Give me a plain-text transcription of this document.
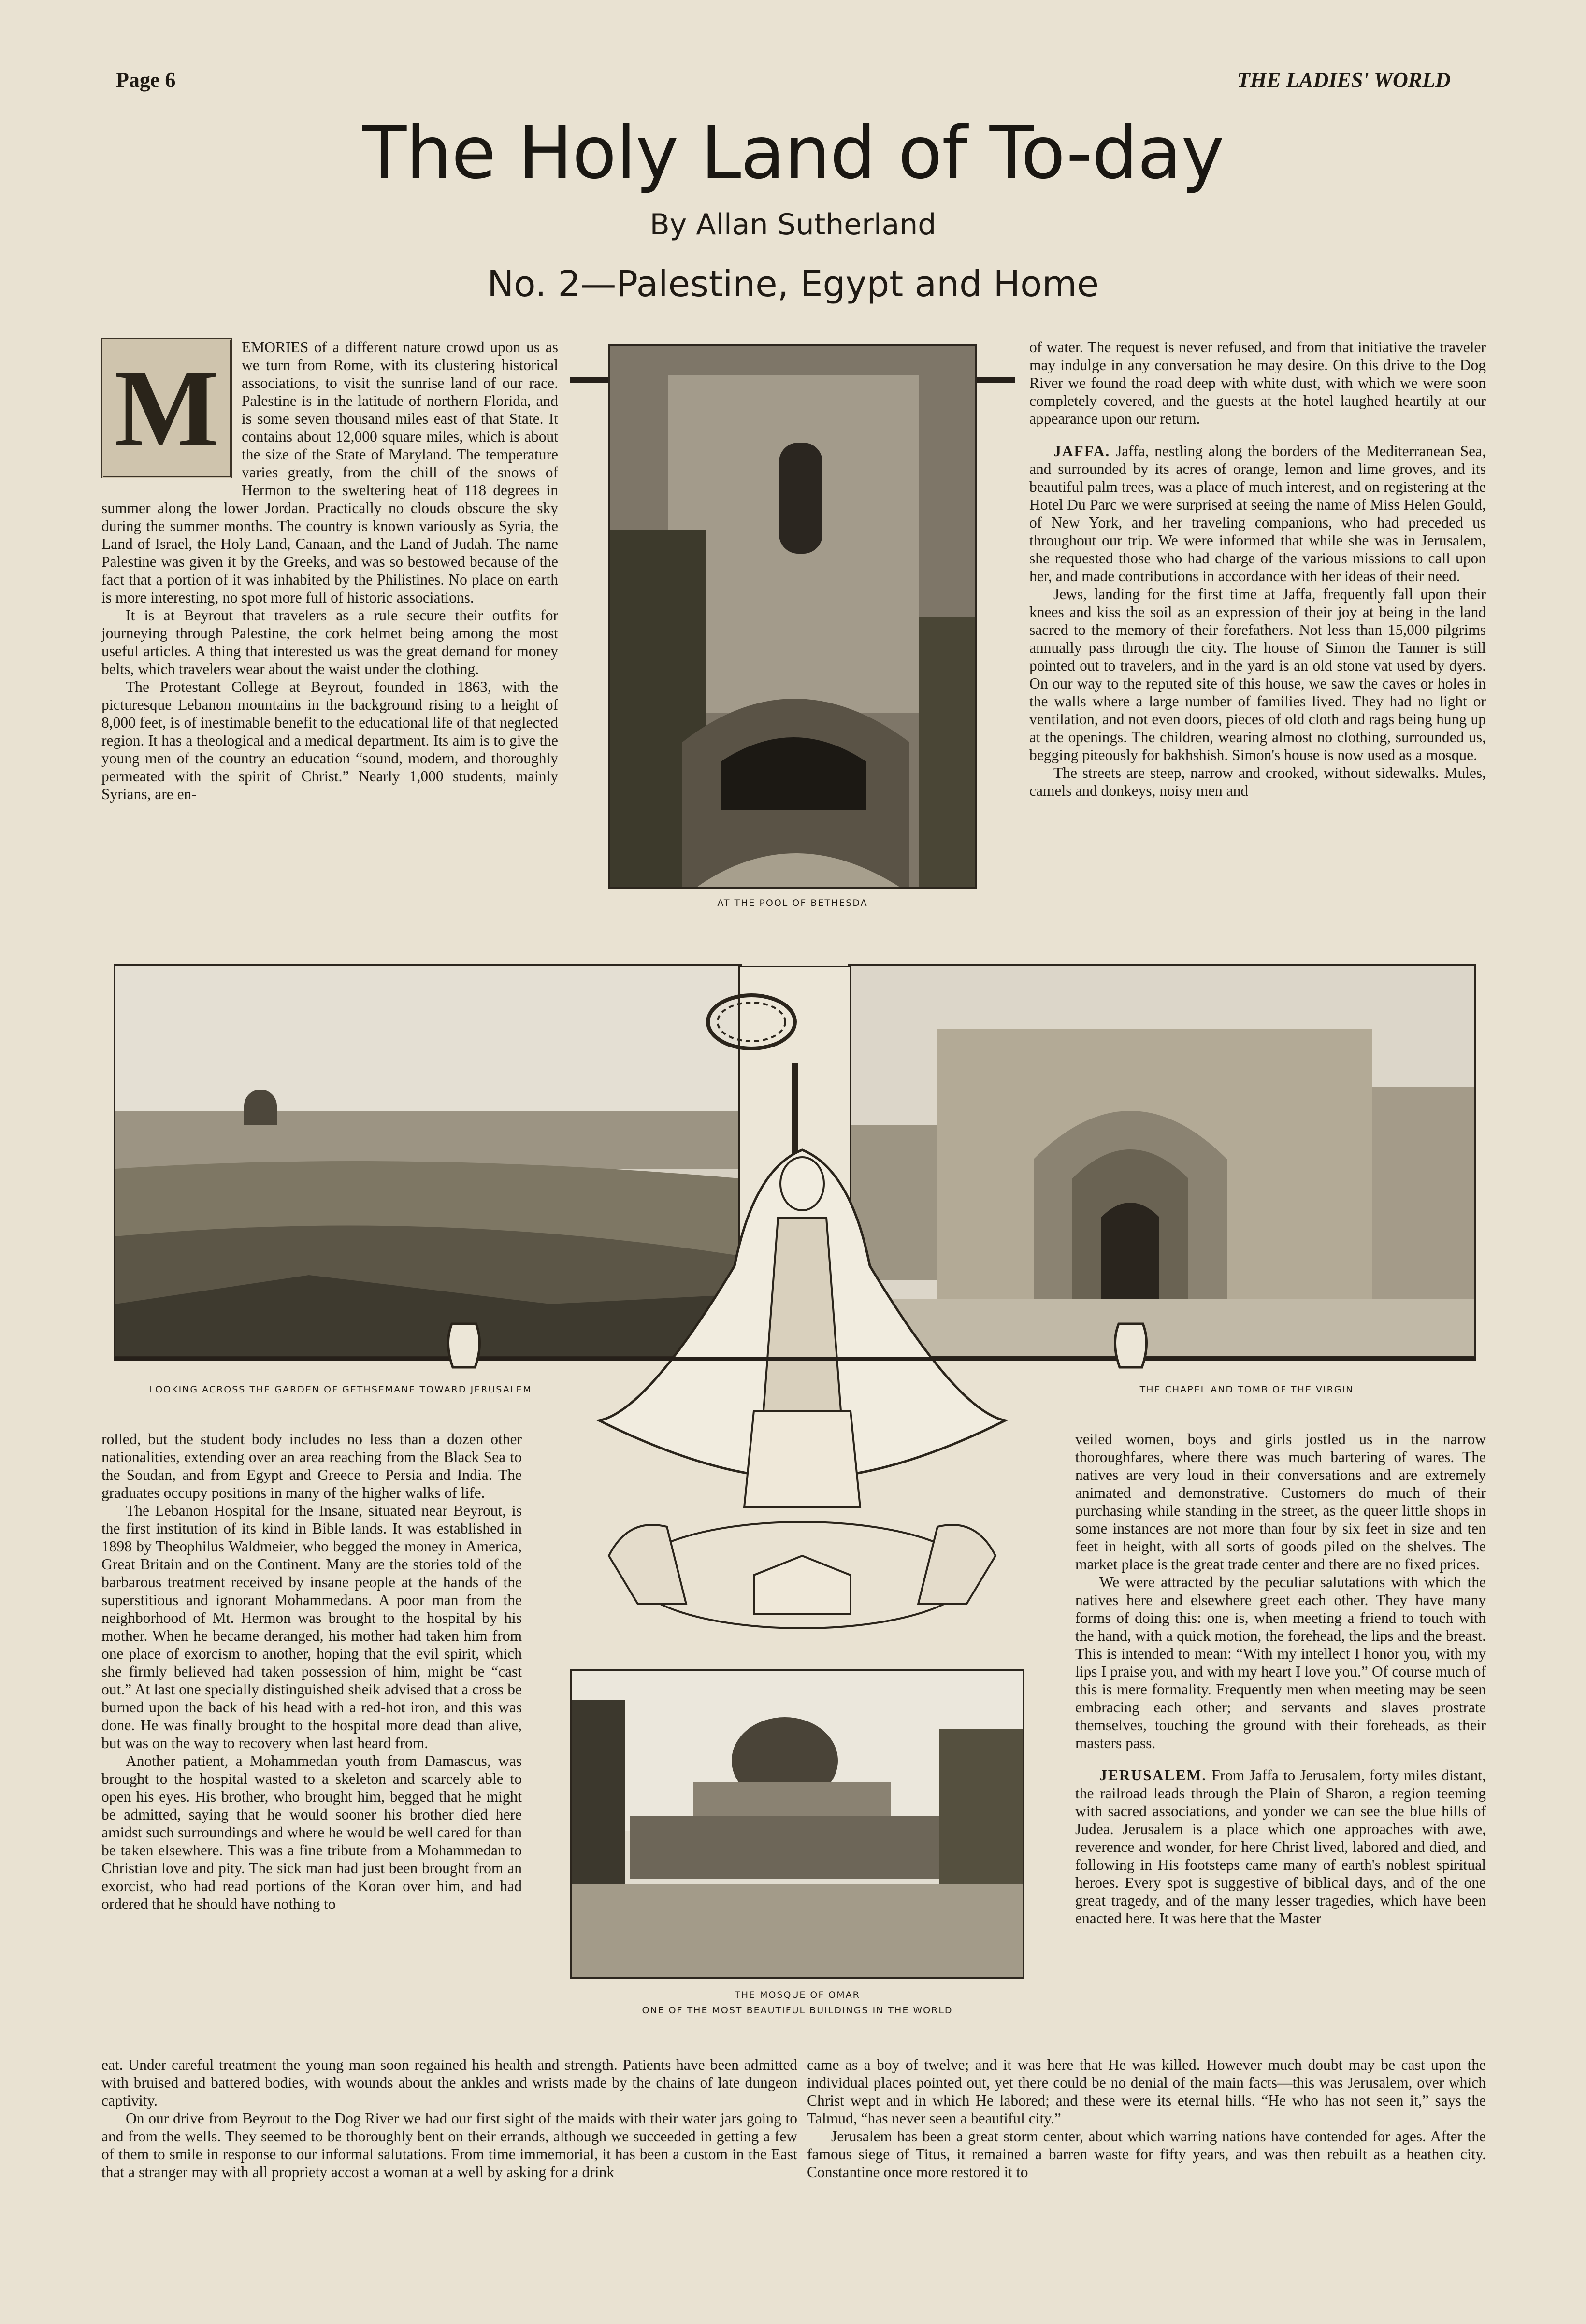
Page 6	THE LADIES' WORLD
The Holy Land of To-day
By Allan Sutherland
No. 2—Palestine, Egypt and Home
M	EMORIES of a different nature crowd upon us as we turn from Rome, with its clustering historical associations, to visit the sunrise land of our race. Palestine is in the latitude of northern Florida, and is some seven thousand miles east of that State. It contains about 12,000 square miles, which is about the size of the State of Maryland. The temperature varies greatly, from the chill of the snows of Hermon to the sweltering heat of 118 degrees in summer along the lower Jordan. Practically no clouds obscure the sky during the summer months. The country is known variously as Syria, the Land of Israel, the Holy Land, Canaan, and the Land of Judah. The name Palestine was given it by the Greeks, and was so bestowed because of the fact that a portion of it was inhabited by the Philistines. No place on earth is more interesting, no spot more full of historic associations.

It is at Beyrout that travelers as a rule secure their outfits for journeying through Palestine, the cork helmet being among the most useful articles. A thing that interested us was the great demand for money belts, which travelers wear about the waist under the clothing.

The Protestant College at Beyrout, founded in 1863, with the picturesque Lebanon mountains in the background rising to a height of 8,000 feet, is of inestimable benefit to the educational life of that neglected region. It has a theological and a medical department. Its aim is to give the young men of the country an education “sound, modern, and thoroughly permeated with the spirit of Christ.” Nearly 1,000 students, mainly Syrians, are en-

AT THE POOL OF BETHESDA

of water. The request is never refused, and from that initiative the traveler may indulge in any conversation he may desire. On this drive to the Dog River we found the road deep with white dust, with which we were soon completely covered, and the guests at the hotel laughed heartily at our appearance upon our return.

JAFFA. Jaffa, nestling along the borders of the Mediterranean Sea, and surrounded by its acres of orange, lemon and lime groves, and its beautiful palm trees, was a place of much interest, and on registering at the Hotel Du Parc we were surprised at seeing the name of Miss Helen Gould, of New York, and her traveling companions, who had preceded us throughout our trip. We were informed that while she was in Jerusalem, she requested those who had charge of the various missions to call upon her, and made contributions in accordance with her ideas of their need.

Jews, landing for the first time at Jaffa, frequently fall upon their knees and kiss the soil as an expression of their joy at being in the land sacred to the memory of their forefathers. Not less than 15,000 pilgrims annually pass through the city. The house of Simon the Tanner is still pointed out to travelers, and in the yard is an old stone vat used by dyers. On our way to the reputed site of this house, we saw the caves or holes in the walls where a large number of families lived. They had no light or ventilation, and not even doors, pieces of old cloth and rags being hung up at the openings. The children, wearing almost no clothing, surrounded us, begging piteously for bakhshish. Simon's house is now used as a mosque.

The streets are steep, narrow and crooked, without sidewalks. Mules, camels and donkeys, noisy men and

LOOKING ACROSS THE GARDEN OF GETHSEMANE TOWARD JERUSALEM	THE CHAPEL AND TOMB OF THE VIRGIN

rolled, but the student body includes no less than a dozen other nationalities, extending over an area reaching from the Black Sea to the Soudan, and from Egypt and Greece to Persia and India. The graduates occupy positions in many of the higher walks of life.

The Lebanon Hospital for the Insane, situated near Beyrout, is the first institution of its kind in Bible lands. It was established in 1898 by Theophilus Waldmeier, who begged the money in America, Great Britain and on the Continent. Many are the stories told of the barbarous treatment received by insane people at the hands of the superstitious and ignorant Mohammedans. A poor man from the neighborhood of Mt. Hermon was brought to the hospital by his mother. When he became deranged, his mother had taken him from one place of exorcism to another, hoping that the evil spirit, which she firmly believed had taken possession of him, might be “cast out.” At last one specially distinguished sheik advised that a cross be burned upon the back of his head with a red-hot iron, and this was done. He was finally brought to the hospital more dead than alive, but was on the way to recovery when last heard from.

Another patient, a Mohammedan youth from Damascus, was brought to the hospital wasted to a skeleton and scarcely able to open his eyes. His brother, who brought him, begged that he might be admitted, saying that he would sooner his brother died here amidst such surroundings and where he would be well cared for than be taken elsewhere. This was a fine tribute from a Mohammedan to Christian love and pity. The sick man had just been brought from an exorcist, who had read portions of the Koran over him, and had ordered that he should have nothing to

THE MOSQUE OF OMAR
ONE OF THE MOST BEAUTIFUL BUILDINGS IN THE WORLD

veiled women, boys and girls jostled us in the narrow thoroughfares, where there was much bartering of wares. The natives are very loud in their conversations and are extremely animated and demonstrative. Customers do much of their purchasing while standing in the street, as the queer little shops in some instances are not more than four by six feet in size and ten feet in height, with all sorts of goods piled on the shelves. The market place is the great trade center and there are no fixed prices.

We were attracted by the peculiar salutations with which the natives here and elsewhere greet each other. They have many forms of doing this: one is, when meeting a friend to touch with the hand, with a quick motion, the forehead, the lips and the breast. This is intended to mean: “With my intellect I honor you, with my lips I praise you, and with my heart I love you.” Of course much of this is mere formality. Frequently men when meeting may be seen embracing each other; and servants and slaves prostrate themselves, touching the ground with their foreheads, as their masters pass.

JERUSALEM. From Jaffa to Jerusalem, forty miles distant, the railroad leads through the Plain of Sharon, a region teeming with sacred associations, and yonder we can see the blue hills of Judea. Jerusalem is a place which one approaches with awe, reverence and wonder, for here Christ lived, labored and died, and following in His footsteps came many of earth's noblest spiritual heroes. Every spot is suggestive of biblical days, and of the one great tragedy, and of the many lesser tragedies, which have been enacted here. It was here that the Master

eat. Under careful treatment the young man soon regained his health and strength. Patients have been admitted with bruised and battered bodies, with wounds about the ankles and wrists made by the chains of late dungeon captivity.

On our drive from Beyrout to the Dog River we had our first sight of the maids with their water jars going to and from the wells. They seemed to be thoroughly bent on their errands, although we succeeded in getting a few of them to smile in response to our informal salutations. From time immemorial, it has been a custom in the East that a stranger may with all propriety accost a woman at a well by asking for a drink

came as a boy of twelve; and it was here that He was killed. However much doubt may be cast upon the individual places pointed out, yet there could be no denial of the main facts—this was Jerusalem, over which Christ wept and in which He labored; and these were its eternal hills. “He who has not seen it,” says the Talmud, “has never seen a beautiful city.”

Jerusalem has been a great storm center, about which warring nations have contended for ages. After the famous siege of Titus, it remained a barren waste for fifty years, and was then rebuilt as a heathen city. Constantine once more restored it to
